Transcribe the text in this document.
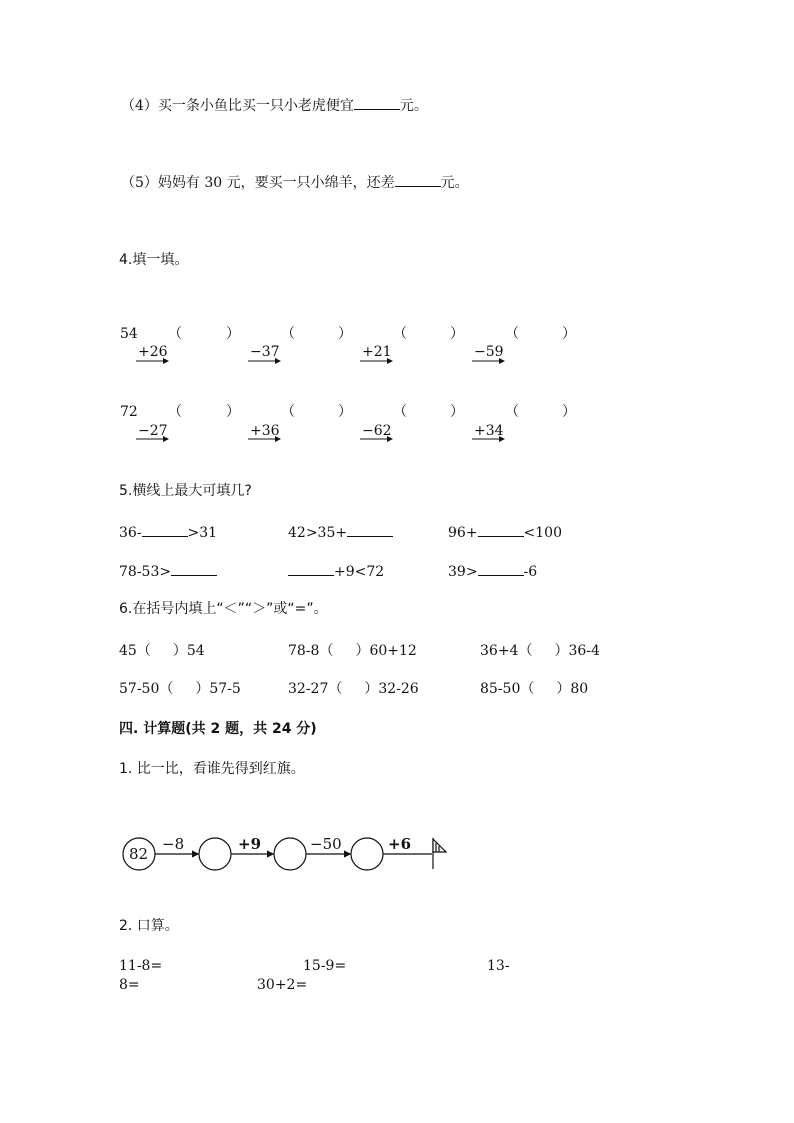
（4）买一条小鱼比买一只小老虎便宜	元。
（5）妈妈有 30 元，要买一只小绵羊，还差	元。
4.填一填。
54 （	）	（	）	（	）	（	）
+26	−37	+21	−59
72 （	）	（	）	（	）	（	）
−27	+36	−62	+34
5.横线上最大可填几?
36-	>31	42>35+	96+	<100
78-53>	+9<72	39>	-6
6.在括号内填上“＜”“＞”或“=”。
45（ ）54	78-8（ ）60+12	36+4（ ）36-4
57-50（ ）57-5	32-27（ ）32-26	85-50（ ）80
四. 计算题(共 2 题，共 24 分)
1. 比一比，看谁先得到红旗。
82
−8	+9	−50	+6
2. 口算。
11-8=	15-9=	13-
8=	30+2=
